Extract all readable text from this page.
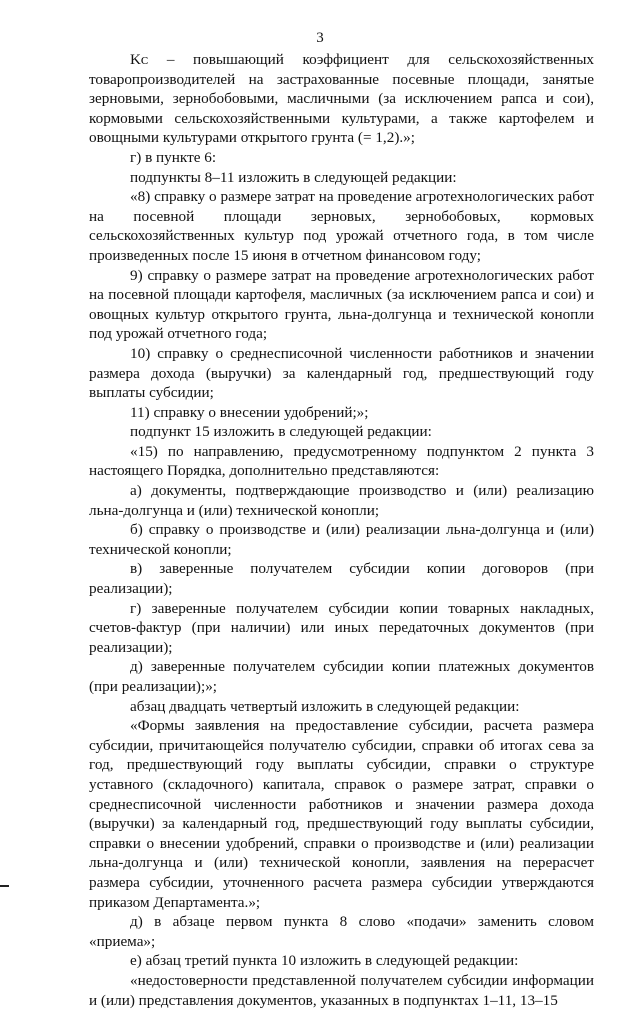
3

Kᴄ – повышающий коэффициент для сельскохозяйственных товаропроизводителей на застрахованные посевные площади, занятые зерновыми, зернобобовыми, масличными (за исключением рапса и сои), кормовыми сельскохозяйственными культурами, а также картофелем и овощными культурами открытого грунта (= 1,2).»;

г) в пункте 6:

подпункты 8–11 изложить в следующей редакции:

«8) справку о размере затрат на проведение агротехнологических работ на посевной площади зерновых, зернобобовых, кормовых сельскохозяйственных культур под урожай отчетного года, в том числе произведенных после 15 июня в отчетном финансовом году;

9) справку о размере затрат на проведение агротехнологических работ на посевной площади картофеля, масличных (за исключением рапса и сои) и овощных культур открытого грунта, льна-долгунца и технической конопли под урожай отчетного года;

10) справку о среднесписочной численности работников и значении размера дохода (выручки) за календарный год, предшествующий году выплаты субсидии;

11) справку о внесении удобрений;»;

подпункт 15 изложить в следующей редакции:

«15) по направлению, предусмотренному подпунктом 2 пункта 3 настоящего Порядка, дополнительно представляются:

а) документы, подтверждающие производство и (или) реализацию льна-долгунца и (или) технической конопли;

б) справку о производстве и (или) реализации льна-долгунца и (или) технической конопли;

в) заверенные получателем субсидии копии договоров (при реализации);

г) заверенные получателем субсидии копии товарных накладных, счетов-фактур (при наличии) или иных передаточных документов (при реализации);

д) заверенные получателем субсидии копии платежных документов (при реализации);»;

абзац двадцать четвертый изложить в следующей редакции:

«Формы заявления на предоставление субсидии, расчета размера субсидии, причитающейся получателю субсидии, справки об итогах сева за год, предшествующий году выплаты субсидии, справки о структуре уставного (складочного) капитала, справок о размере затрат, справки о среднесписочной численности работников и значении размера дохода (выручки) за календарный год, предшествующий году выплаты субсидии, справки о внесении удобрений, справки о производстве и (или) реализации льна-долгунца и (или) технической конопли, заявления на перерасчет размера субсидии, уточненного расчета размера субсидии утверждаются приказом Департамента.»;

д) в абзаце первом пункта 8 слово «подачи» заменить словом «приема»;

е) абзац третий пункта 10 изложить в следующей редакции:

«недостоверности представленной получателем субсидии информации и (или) представления документов, указанных в подпунктах 1–11, 13–15
